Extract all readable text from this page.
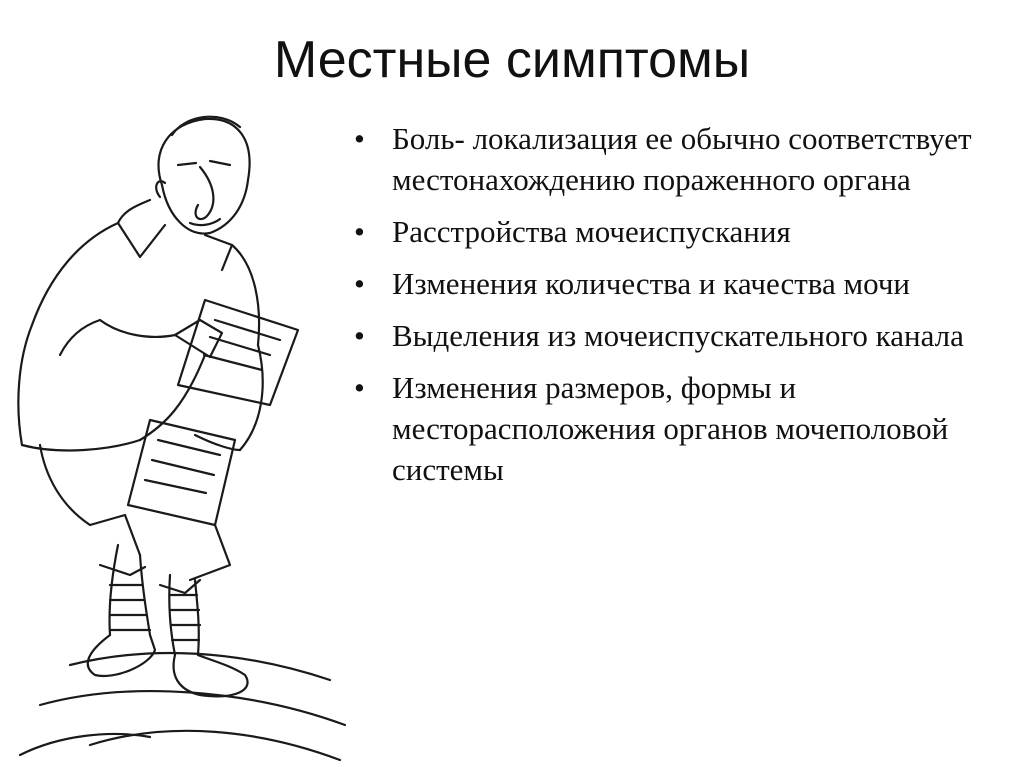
Местные симптомы
• Боль- локализация ее обычно соответствует местонахождению пораженного органа
• Расстройства мочеиспускания
• Изменения количества и качества мочи
• Выделения из мочеиспускательного канала
• Изменения размеров, формы и месторасположения органов мочеполовой системы
